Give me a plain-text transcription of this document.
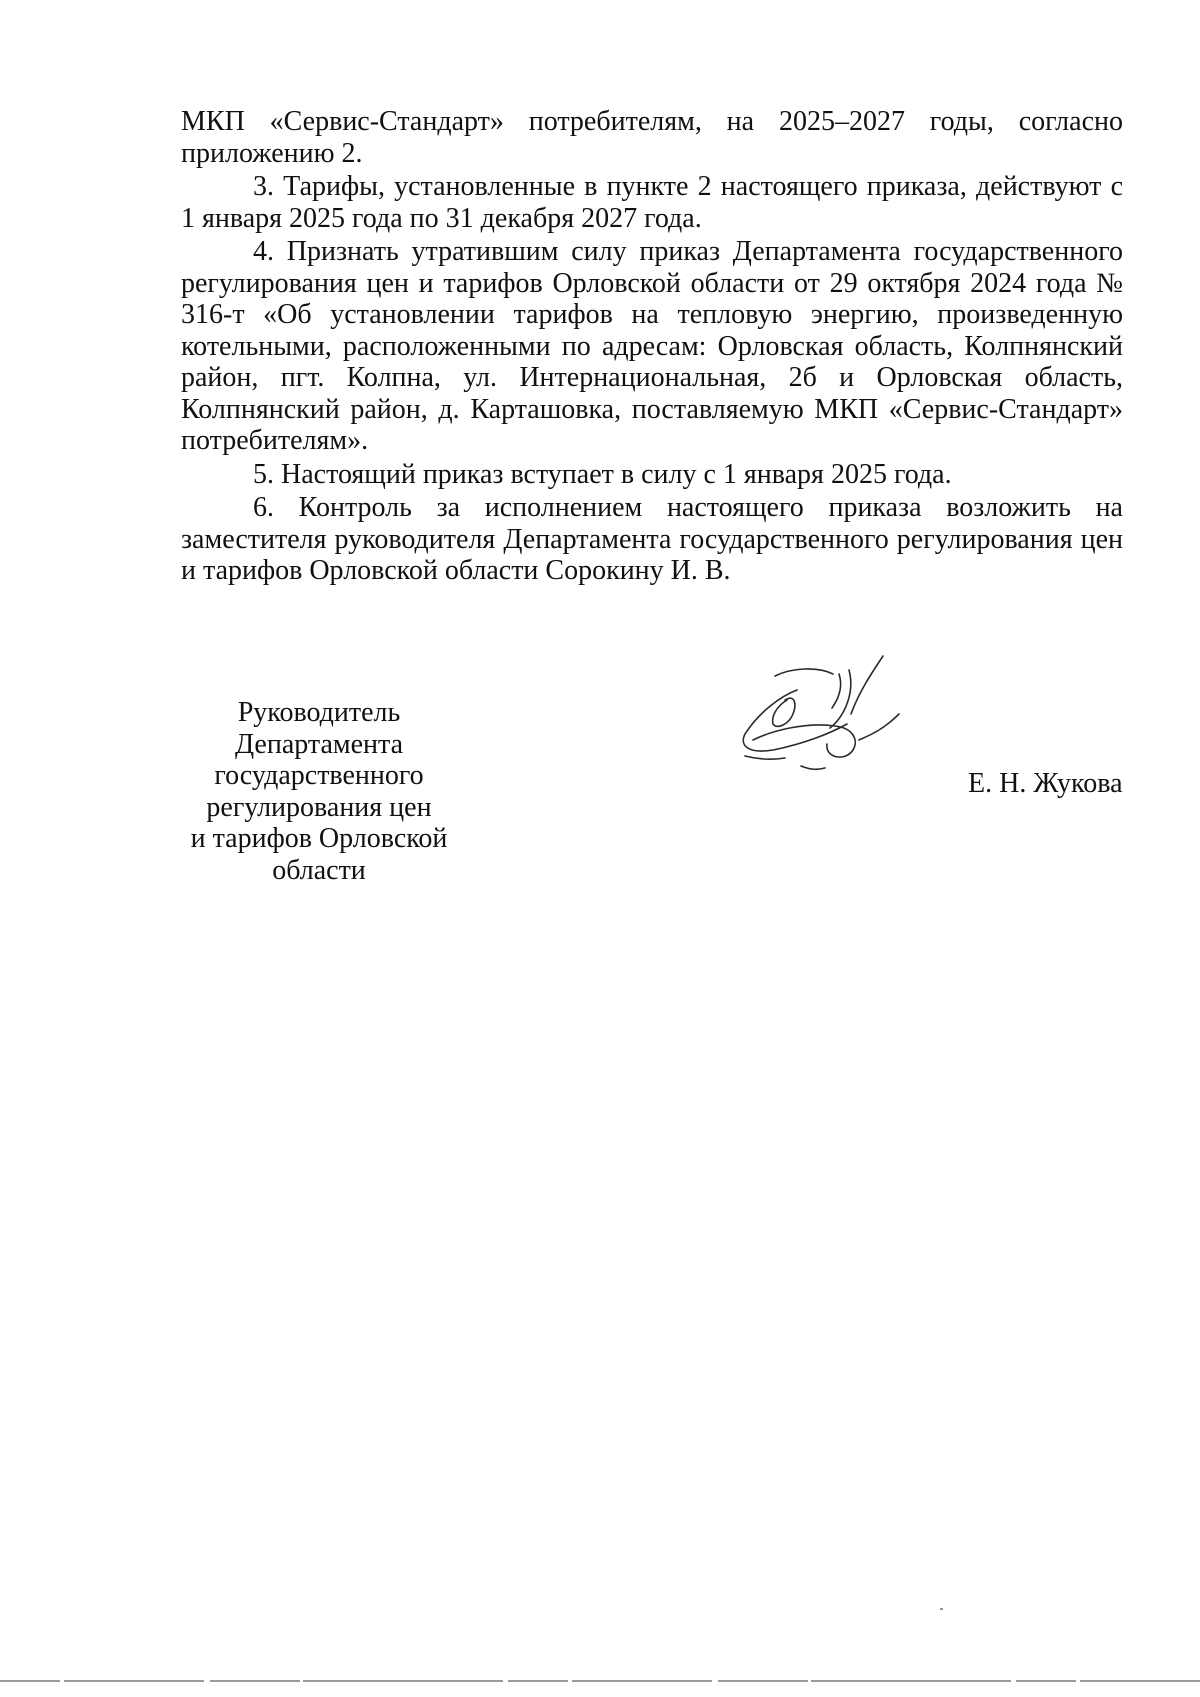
МКП «Сервис-Стандарт» потребителям, на 2025–2027 годы, согласно приложению 2.

3. Тарифы, установленные в пункте 2 настоящего приказа, действуют с 1 января 2025 года по 31 декабря 2027 года.

4. Признать утратившим силу приказ Департамента государственного регулирования цен и тарифов Орловской области от 29 октября 2024 года № 316-т «Об установлении тарифов на тепловую энергию, произведенную котельными, расположенными по адресам: Орловская область, Колпнянский район, пгт. Колпна, ул. Интернациональная, 2б и Орловская область, Колпнянский район, д. Карташовка, поставляемую МКП «Сервис-Стандарт» потребителям».

5. Настоящий приказ вступает в силу с 1 января 2025 года.

6. Контроль за исполнением настоящего приказа возложить на заместителя руководителя Департамента государственного регулирования цен и тарифов Орловской области Сорокину И. В.

Руководитель Департамента
государственного регулирования цен
и тарифов Орловской области
Е. Н. Жукова
